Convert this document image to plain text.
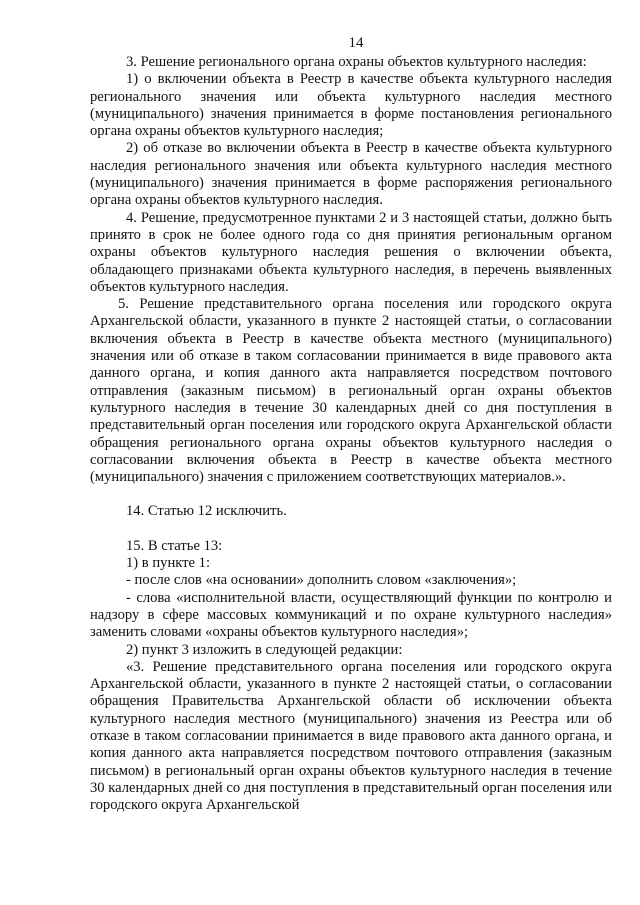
14

3. Решение регионального органа охраны объектов культурного наследия:

1) о включении объекта в Реестр в качестве объекта культурного наследия регионального значения или объекта культурного наследия местного (муниципального) значения принимается в форме постановления регионального органа охраны объектов культурного наследия;

2) об отказе во включении объекта в Реестр в качестве объекта культурного наследия регионального значения или объекта культурного наследия местного (муниципального) значения принимается в форме распоряжения регионального органа охраны объектов культурного наследия.

4. Решение, предусмотренное пунктами 2 и 3 настоящей статьи, должно быть принято в срок не более одного года со дня принятия региональным органом охраны объектов культурного наследия решения о включении объекта, обладающего признаками объекта культурного наследия, в перечень выявленных объектов культурного наследия.

5. Решение представительного органа поселения или городского округа Архангельской области, указанного в пункте 2 настоящей статьи, о согласовании включения объекта в Реестр в качестве объекта местного (муниципального) значения или об отказе в таком согласовании принимается в виде правового акта данного органа, и копия данного акта направляется посредством почтового отправления (заказным письмом) в региональный орган охраны объектов культурного наследия в течение 30 календарных дней со дня поступления в представительный орган поселения или городского округа Архангельской области обращения регионального органа охраны объектов культурного наследия о согласовании включения объекта в Реестр в качестве объекта местного (муниципального) значения с приложением соответствующих материалов.».

14. Статью 12 исключить.

15. В статье 13:

1) в пункте 1:

- после слов «на основании» дополнить словом «заключения»;

- слова «исполнительной власти, осуществляющий функции по контролю и надзору в сфере массовых коммуникаций и по охране культурного наследия» заменить словами «охраны объектов культурного наследия»;

2) пункт 3 изложить в следующей редакции:

«3. Решение представительного органа поселения или городского округа Архангельской области, указанного в пункте 2 настоящей статьи, о согласовании обращения Правительства Архангельской области об исключении объекта культурного наследия местного (муниципального) значения из Реестра или об отказе в таком согласовании принимается в виде правового акта данного органа, и копия данного акта направляется посредством почтового отправления (заказным письмом) в региональный орган охраны объектов культурного наследия в течение 30 календарных дней со дня поступления в представительный орган поселения или городского округа Архангельской
